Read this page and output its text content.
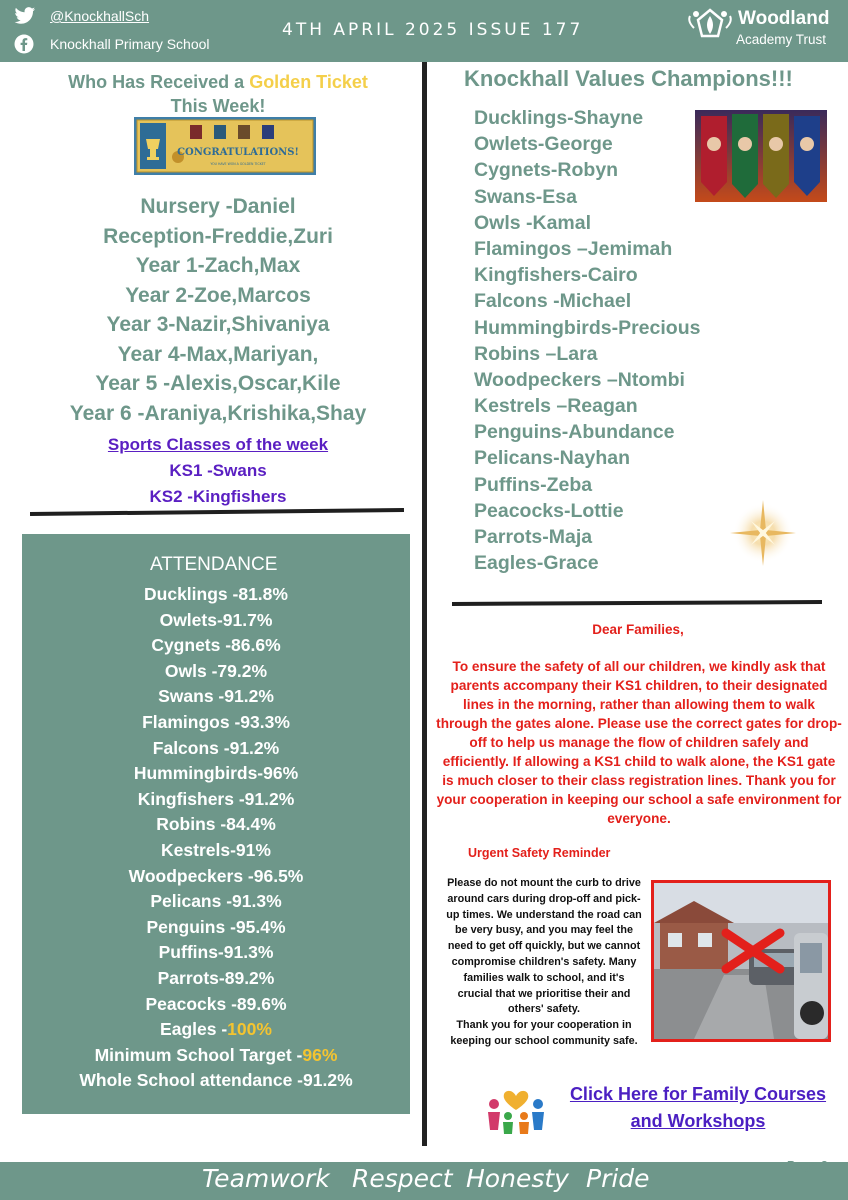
@KnockhallSch
Knockhall Primary School
4TH APRIL 2025 ISSUE 177
Woodland
Academy Trust
Who Has Received a Golden Ticket
This Week!
CONGRATULATIONS!
YOU HAVE WON A GOLDEN TICKET
Nursery -Daniel
Reception-Freddie,Zuri
Year 1-Zach,Max
Year 2-Zoe,Marcos
Year 3-Nazir,Shivaniya
Year 4-Max,Mariyan,
Year 5 -Alexis,Oscar,Kile
Year 6 -Araniya,Krishika,Shay
Sports Classes of the week
KS1 -Swans
KS2 -Kingfishers
ATTENDANCE
Ducklings -81.8%
Owlets-91.7%
Cygnets -86.6%
Owls -79.2%
Swans -91.2%
Flamingos -93.3%
Falcons -91.2%
Hummingbirds-96%
Kingfishers -91.2%
Robins -84.4%
Kestrels-91%
Woodpeckers -96.5%
Pelicans -91.3%
Penguins -95.4%
Puffins-91.3%
Parrots-89.2%
Peacocks -89.6%
Eagles -100%
Minimum School Target -96%
Whole School attendance -91.2%
Knockhall Values Champions!!!
Ducklings-Shayne
Owlets-George
Cygnets-Robyn
Swans-Esa
Owls -Kamal
Flamingos –Jemimah
Kingfishers-Cairo
Falcons -Michael
Hummingbirds-Precious
Robins –Lara
Woodpeckers –Ntombi
Kestrels –Reagan
Penguins-Abundance
Pelicans-Nayhan
Puffins-Zeba
Peacocks-Lottie
Parrots-Maja
Eagles-Grace
Dear Families,
To ensure the safety of all our children, we kindly ask that parents accompany their KS1 children, to their designated lines in the morning, rather than allowing them to walk through the gates alone. Please use the correct gates for drop-off to help us manage the flow of children safely and efficiently. If allowing a KS1 child to walk alone, the KS1 gate is much closer to their class registration lines. Thank you for your cooperation in keeping our school a safe environment for everyone.
Urgent Safety Reminder
Please do not mount the curb to drive around cars during drop-off and pick-up times. We understand the road can be very busy, and you may feel the need to get off quickly, but we cannot compromise children's safety. Many families walk to school, and it's crucial that we prioritise their and others' safety.
Thank you for your cooperation in keeping our school community safe.
Click Here for Family Courses and Workshops
Teamwork Respect Honesty Pride	Page 3
